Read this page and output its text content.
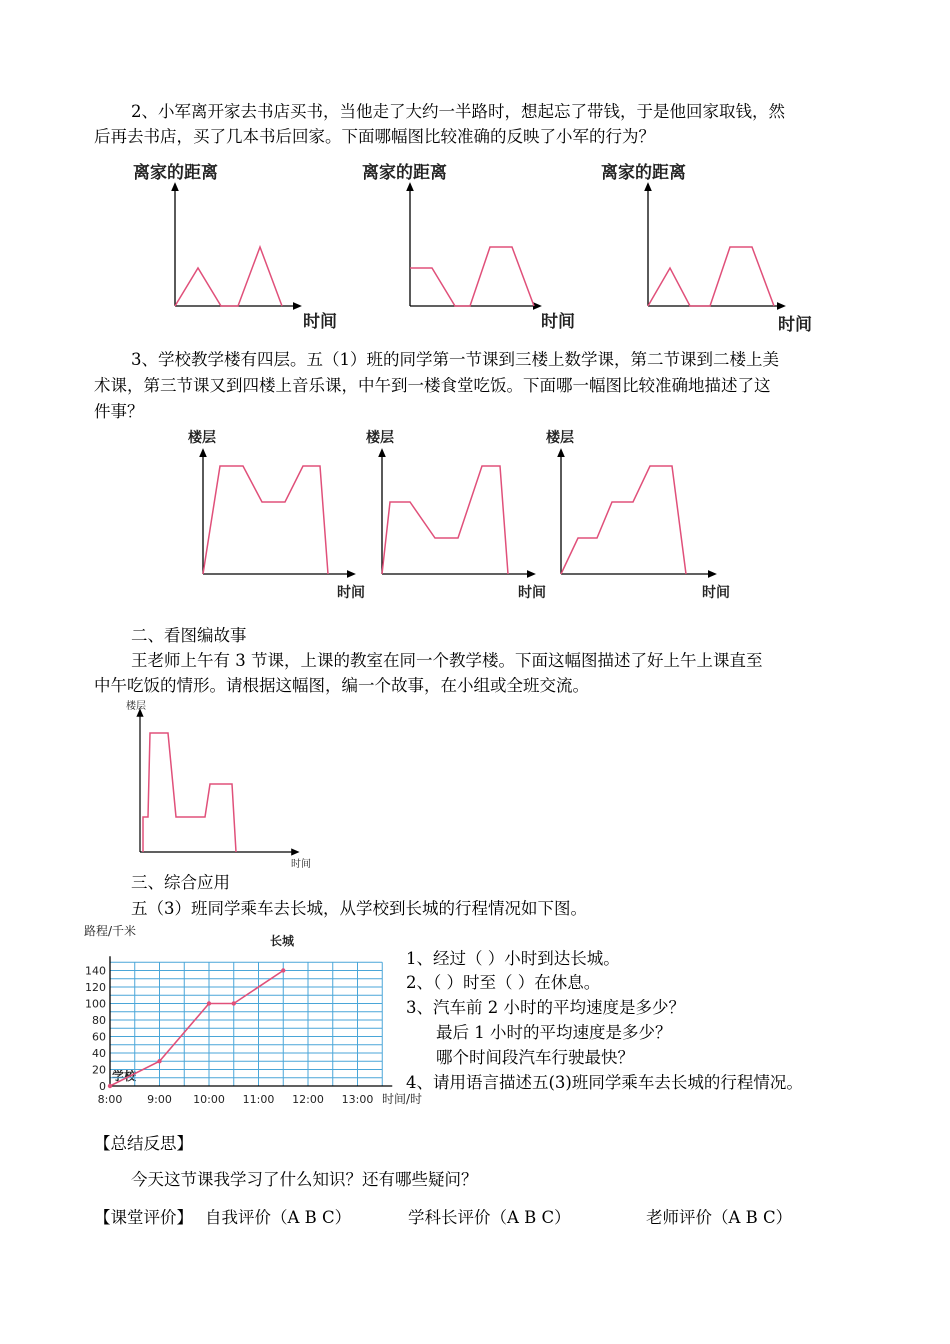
2、小军离开家去书店买书，当他走了大约一半路时，想起忘了带钱，于是他回家取钱，然
后再去书店，买了几本书后回家。下面哪幅图比较准确的反映了小军的行为？
离家的距离	离家的距离	离家的距离
时间	时间	时间
3、学校教学楼有四层。五（1）班的同学第一节课到三楼上数学课，第二节课到二楼上美
术课，第三节课又到四楼上音乐课，中午到一楼食堂吃饭。下面哪一幅图比较准确地描述了这
件事？
楼层	楼层	楼层
时间	时间	时间
二、看图编故事
王老师上午有 3 节课，上课的教室在同一个教学楼。下面这幅图描述了好上午上课直至
中午吃饭的情形。请根据这幅图，编一个故事，在小组或全班交流。
楼层
时间
三、综合应用
五（3）班同学乘车去长城，从学校到长城的行程情况如下图。
路程/千米
时间/时
长城
学校
1、经过（ ）小时到达长城。
2、（ ）时至（ ）在休息。
3、汽车前 2 小时的平均速度是多少？
最后 1 小时的平均速度是多少？
哪个时间段汽车行驶最快？
4、请用语言描述五(3)班同学乘车去长城的行程情况。
【总结反思】
今天这节课我学习了什么知识？还有哪些疑问？
【课堂评价】 自我评价（A B C）	学科长评价（A B C）	老师评价（A B C）
0
20
40
60
80
100
120
140
8:00 9:00 10:00 11:00 12:00 13:00
